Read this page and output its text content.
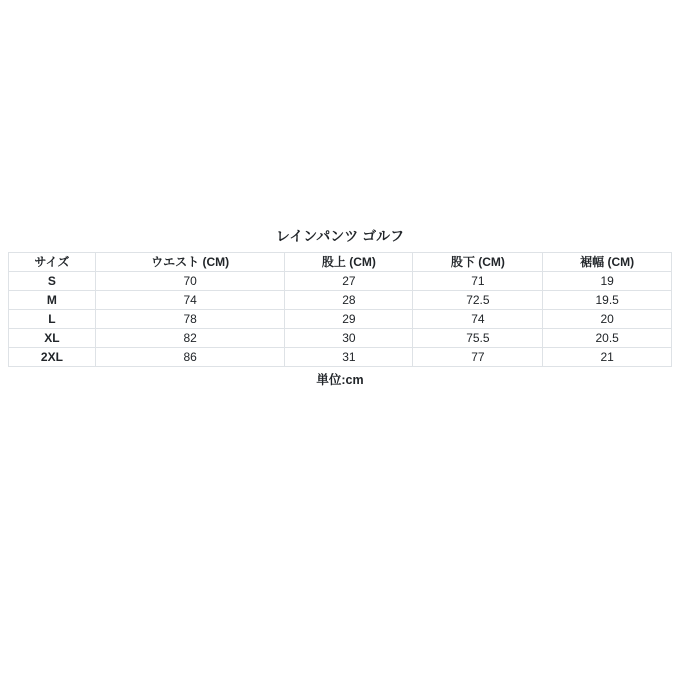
レインパンツ ゴルフ
サイズ	ウエスト (CM)	股上 (CM)	股下 (CM)	裾幅 (CM)
S	70	27	71	19
M	74	28	72.5	19.5
L	78	29	74	20
XL	82	30	75.5	20.5
2XL	86	31	77	21
単位:cm
